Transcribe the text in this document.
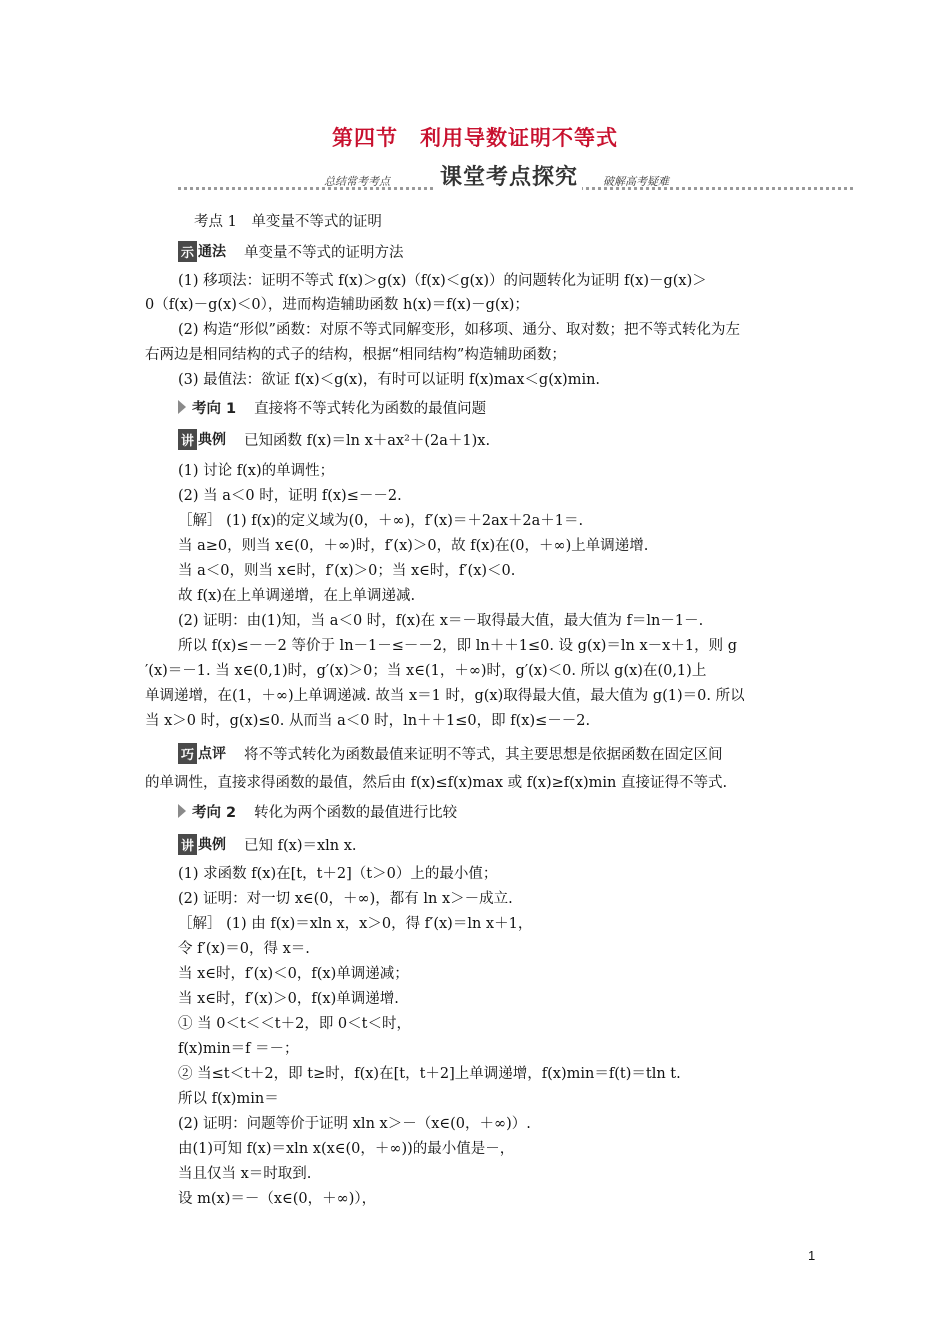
第四节　利用导数证明不等式
总结常考考点 课堂考点探究	破解高考疑难
考点 1　单变量不等式的证明
示 通法 单变量不等式的证明方法
(1) 移项法：证明不等式 f(x)＞g(x)（f(x)＜g(x)）的问题转化为证明 f(x)－g(x)＞
0（f(x)－g(x)＜0），进而构造辅助函数 h(x)＝f(x)－g(x)；
(2) 构造“形似”函数：对原不等式同解变形，如移项、通分、取对数；把不等式转化为左
右两边是相同结构的式子的结构，根据“相同结构”构造辅助函数；
(3) 最值法：欲证 f(x)＜g(x)，有时可以证明 f(x)max＜g(x)min.
考向 1 直接将不等式转化为函数的最值问题
讲 典例 已知函数 f(x)＝ln x＋ax²＋(2a＋1)x.
(1) 讨论 f(x)的单调性；
(2) 当 a＜0 时，证明 f(x)≤－－2.
［解］ (1) f(x)的定义域为(0，＋∞)，f′(x)＝＋2ax＋2a＋1＝.
当 a≥0，则当 x∈(0，＋∞)时，f′(x)＞0，故 f(x)在(0，＋∞)上单调递增.
当 a＜0，则当 x∈时，f′(x)＞0；当 x∈时，f′(x)＜0.
故 f(x)在上单调递增，在上单调递减.
(2) 证明：由(1)知，当 a＜0 时，f(x)在 x＝－取得最大值，最大值为 f＝ln－1－.
所以 f(x)≤－－2 等价于 ln－1－≤－－2，即 ln＋＋1≤0. 设 g(x)＝ln x－x＋1，则 g
′(x)＝－1. 当 x∈(0,1)时，g′(x)＞0；当 x∈(1，＋∞)时，g′(x)＜0. 所以 g(x)在(0,1)上
单调递增，在(1，＋∞)上单调递减. 故当 x＝1 时，g(x)取得最大值，最大值为 g(1)＝0. 所以
当 x＞0 时，g(x)≤0. 从而当 a＜0 时，ln＋＋1≤0，即 f(x)≤－－2.
巧 点评 将不等式转化为函数最值来证明不等式，其主要思想是依据函数在固定区间
的单调性，直接求得函数的最值，然后由 f(x)≤f(x)max 或 f(x)≥f(x)min 直接证得不等式.
考向 2 转化为两个函数的最值进行比较
讲 典例 已知 f(x)＝xln x.
(1) 求函数 f(x)在[t，t＋2]（t＞0）上的最小值；
(2) 证明：对一切 x∈(0，＋∞)，都有 ln x＞－成立.
［解］ (1) 由 f(x)＝xln x，x＞0，得 f′(x)＝ln x＋1，
令 f′(x)＝0，得 x＝.
当 x∈时，f′(x)＜0，f(x)单调递减；
当 x∈时，f′(x)＞0，f(x)单调递增.
① 当 0＜t＜＜t＋2，即 0＜t＜时，
f(x)min＝f ＝－；
② 当≤t＜t＋2，即 t≥时，f(x)在[t，t＋2]上单调递增，f(x)min＝f(t)＝tln t.
所以 f(x)min＝
(2) 证明：问题等价于证明 xln x＞－（x∈(0，＋∞)）.
由(1)可知 f(x)＝xln x(x∈(0，＋∞))的最小值是－，
当且仅当 x＝时取到.
设 m(x)＝－（x∈(0，＋∞)），
1
